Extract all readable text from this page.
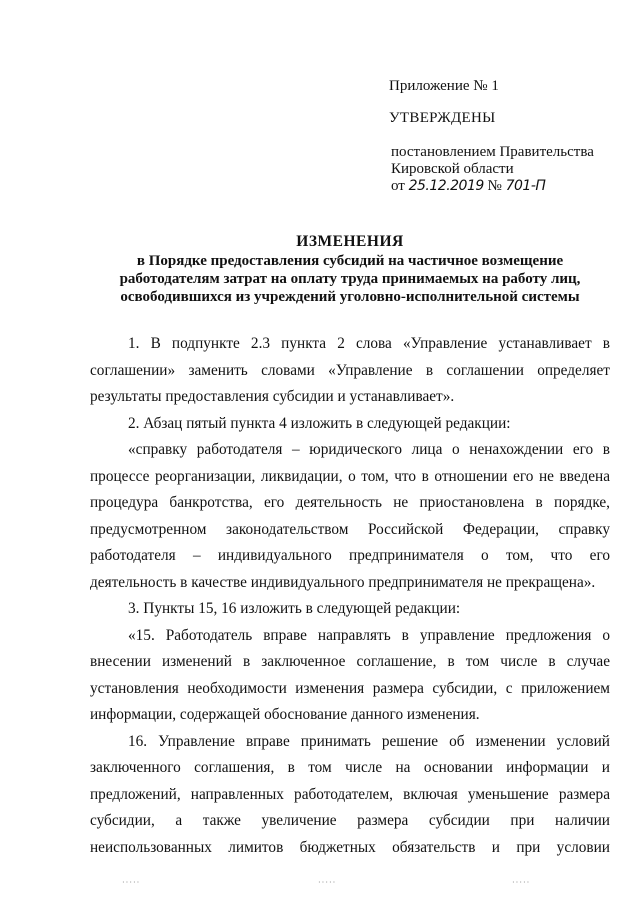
Приложение № 1

УТВЕРЖДЕНЫ

постановлением Правительства
Кировской области
от 25.12.2019 № 701-П
ИЗМЕНЕНИЯ
в Порядке предоставления субсидий на частичное возмещение
работодателям затрат на оплату труда принимаемых на работу лиц,
освободившихся из учреждений уголовно-исполнительной системы
1. В подпункте 2.3 пункта 2 слова «Управление устанавливает в
соглашении» заменить словами «Управление в соглашении определяет
результаты предоставления субсидии и устанавливает».
2. Абзац пятый пункта 4 изложить в следующей редакции:
«справку работодателя – юридического лица о ненахождении его в
процессе реорганизации, ликвидации, о том, что в отношении его не введена
процедура банкротства, его деятельность не приостановлена в порядке,
предусмотренном законодательством Российской Федерации, справку
работодателя – индивидуального предпринимателя о том, что его
деятельность в качестве индивидуального предпринимателя не прекращена».
3. Пункты 15, 16 изложить в следующей редакции:
«15. Работодатель вправе направлять в управление предложения о
внесении изменений в заключенное соглашение, в том числе в случае
установления необходимости изменения размера субсидии, с приложением
информации, содержащей обоснование данного изменения.
16. Управление вправе принимать решение об изменении условий
заключенного соглашения, в том числе на основании информации и
предложений, направленных работодателем, включая уменьшение размера
субсидии, а также увеличение размера субсидии при наличии
неиспользованных лимитов бюджетных обязательств и при условии
·····	·····	·····
